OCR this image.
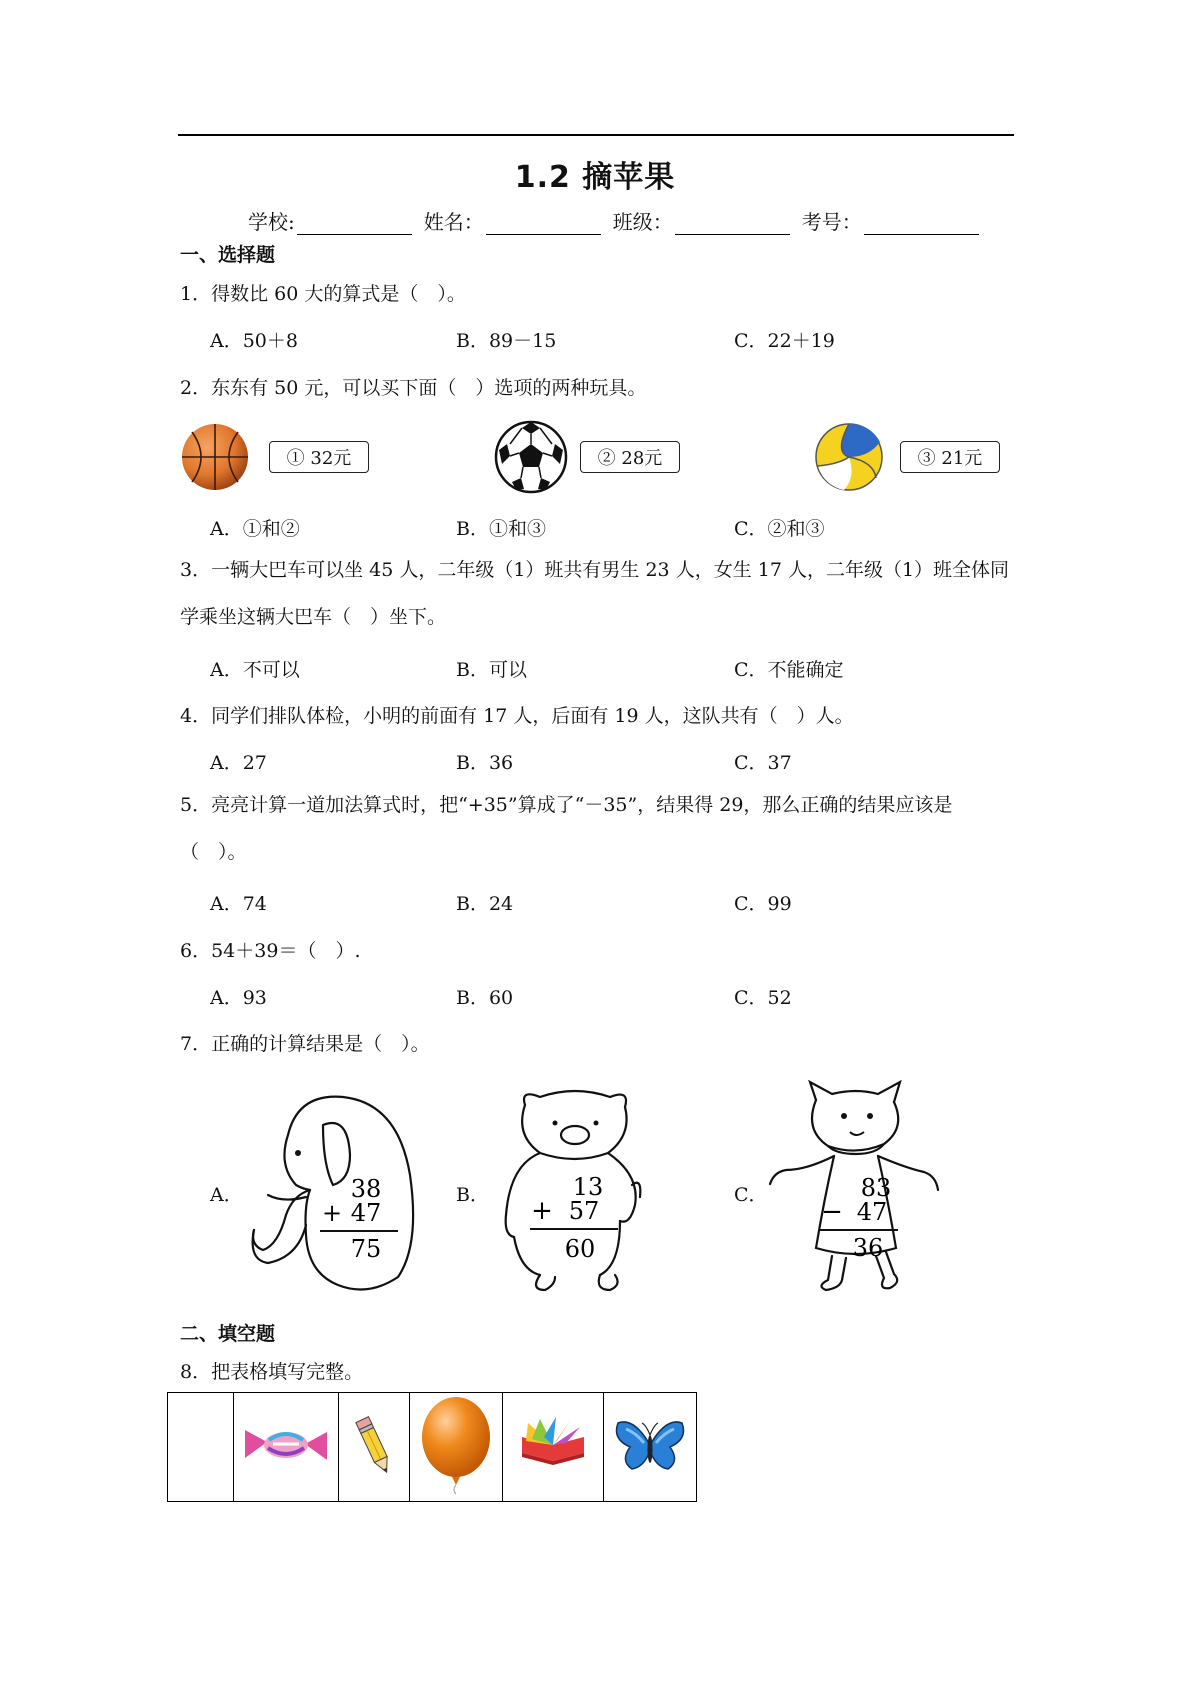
1.2 摘苹果
学校:	姓名：	班级：	考号：
一、选择题
1．得数比 60 大的算式是（　）。
A．50＋8	B．89－15	C．22＋19
2．东东有 50 元，可以买下面（　）选项的两种玩具。
① 32元	② 28元	③ 21元
A．①和②	B．①和③	C．②和③
3．一辆大巴车可以坐 45 人，二年级（1）班共有男生 23 人，女生 17 人，二年级（1）班全体同学乘坐这辆大巴车（　）坐下。
A．不可以	B．可以	C．不能确定
4．同学们排队体检，小明的前面有 17 人，后面有 19 人，这队共有（　）人。
A．27	B．36	C．37
5．亮亮计算一道加法算式时，把“+35”算成了“－35”，结果得 29，那么正确的结果应该是（　）。
A．74	B．24	C．99
6．54＋39＝（　）.
A．93	B．60	C．52
7．正确的计算结果是（　）。
A．	38
+ 47
75
B．	13
+ 57
60
C．	83
− 47
36
二、填空题
8．把表格填写完整。
